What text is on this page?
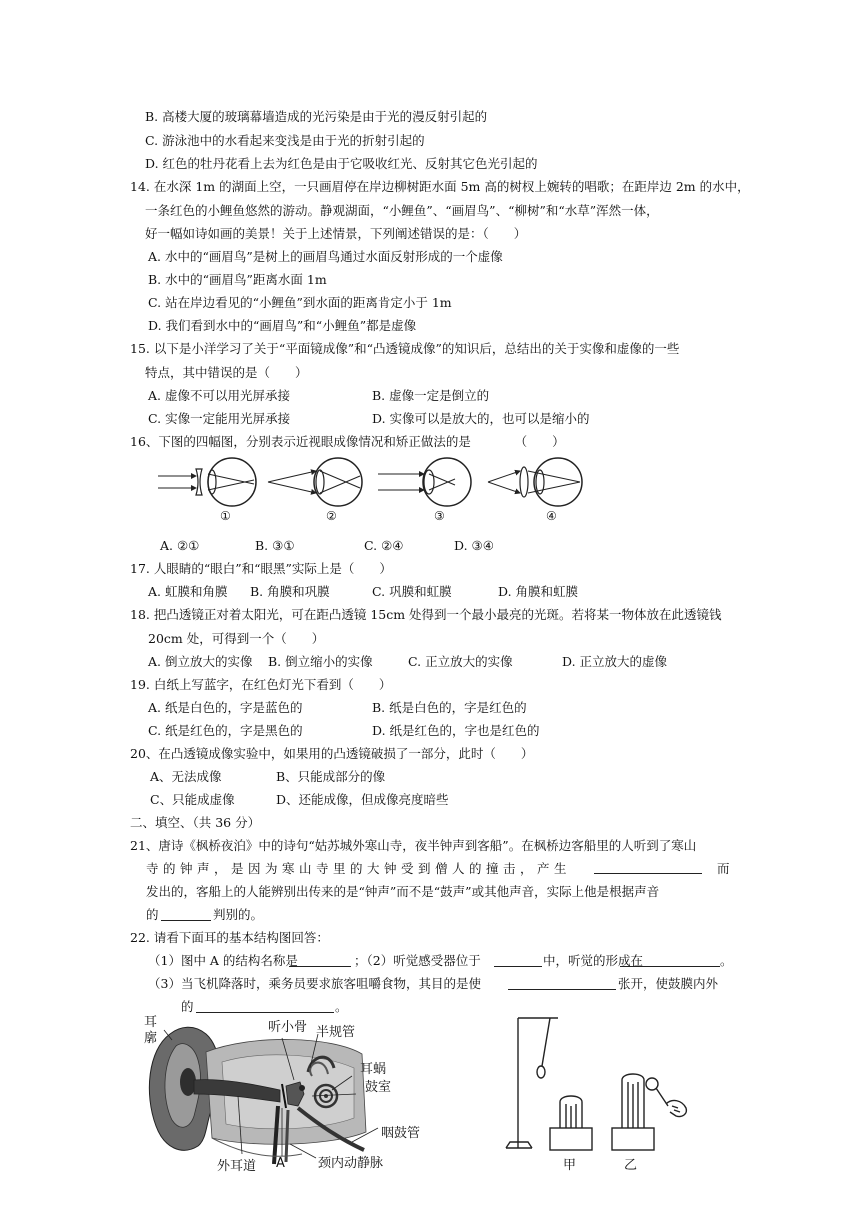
B. 高楼大厦的玻璃幕墙造成的光污染是由于光的漫反射引起的
C. 游泳池中的水看起来变浅是由于光的折射引起的
D. 红色的牡丹花看上去为红色是由于它吸收红光、反射其它色光引起的
14. 在水深 1m 的湖面上空，一只画眉停在岸边柳树距水面 5m 高的树杈上婉转的唱歌；在距岸边 2m 的水中，
一条红色的小鲤鱼悠然的游动。静观湖面，“小鲤鱼”、“画眉鸟”、“柳树”和“水草”浑然一体，
好一幅如诗如画的美景！关于上述情景，下列阐述错误的是：（　　）
A. 水中的“画眉鸟”是树上的画眉鸟通过水面反射形成的一个虚像
B. 水中的“画眉鸟”距离水面 1m
C. 站在岸边看见的“小鲤鱼”到水面的距离肯定小于 1m
D. 我们看到水中的“画眉鸟”和“小鲤鱼”都是虚像
15. 以下是小洋学习了关于“平面镜成像”和“凸透镜成像”的知识后，总结出的关于实像和虚像的一些
特点，其中错误的是（　　）
A. 虚像不可以用光屏承接	B. 虚像一定是倒立的
C. 实像一定能用光屏承接	D. 实像可以是放大的，也可以是缩小的
16、下图的四幅图，分别表示近视眼成像情况和矫正做法的是　　　　（　　）
①	②	③	④
A. ②①	B. ③①	C. ②④	D. ③④
17. 人眼睛的“眼白”和“眼黑”实际上是（　　）
A. 虹膜和角膜 B. 角膜和巩膜	C. 巩膜和虹膜	D. 角膜和虹膜
18. 把凸透镜正对着太阳光，可在距凸透镜 15cm 处得到一个最小最亮的光斑。若将某一物体放在此透镜钱
20cm 处，可得到一个（　　）
A. 倒立放大的实像 B. 倒立缩小的实像	C. 正立放大的实像	D. 正立放大的虚像
19. 白纸上写蓝字，在红色灯光下看到（　　）
A. 纸是白色的，字是蓝色的	B. 纸是白色的，字是红色的
C. 纸是红色的，字是黑色的	D. 纸是红色的，字也是红色的
20、在凸透镜成像实验中，如果用的凸透镜破损了一部分，此时（　　）
A、无法成像	B、只能成部分的像
C、只能成虚像	D、还能成像，但成像亮度暗些
二、填空、（共 36 分）
21、唐诗《枫桥夜泊》中的诗句“姑苏城外寒山寺，夜半钟声到客船”。在枫桥边客船里的人听到了寒山
寺的钟声，是因为寒山寺里的大钟受到僧人的撞击，产生	而
发出的，客船上的人能辨别出传来的是“钟声”而不是“鼓声”或其他声音，实际上他是根据声音
的	判别的。
22. 请看下面耳的基本结构图回答：
（1）图中 A 的结构名称是	；（2）听觉感受器位于	中，听觉的形成在	。
（3）当飞机降落时，乘务员要求旅客咀嚼食物，其目的是使	张开，使鼓膜内外
的	。
耳廓
听小骨 半规管
耳蜗
鼓室
咽鼓管
外耳道 A	颈内动静脉	甲	乙
